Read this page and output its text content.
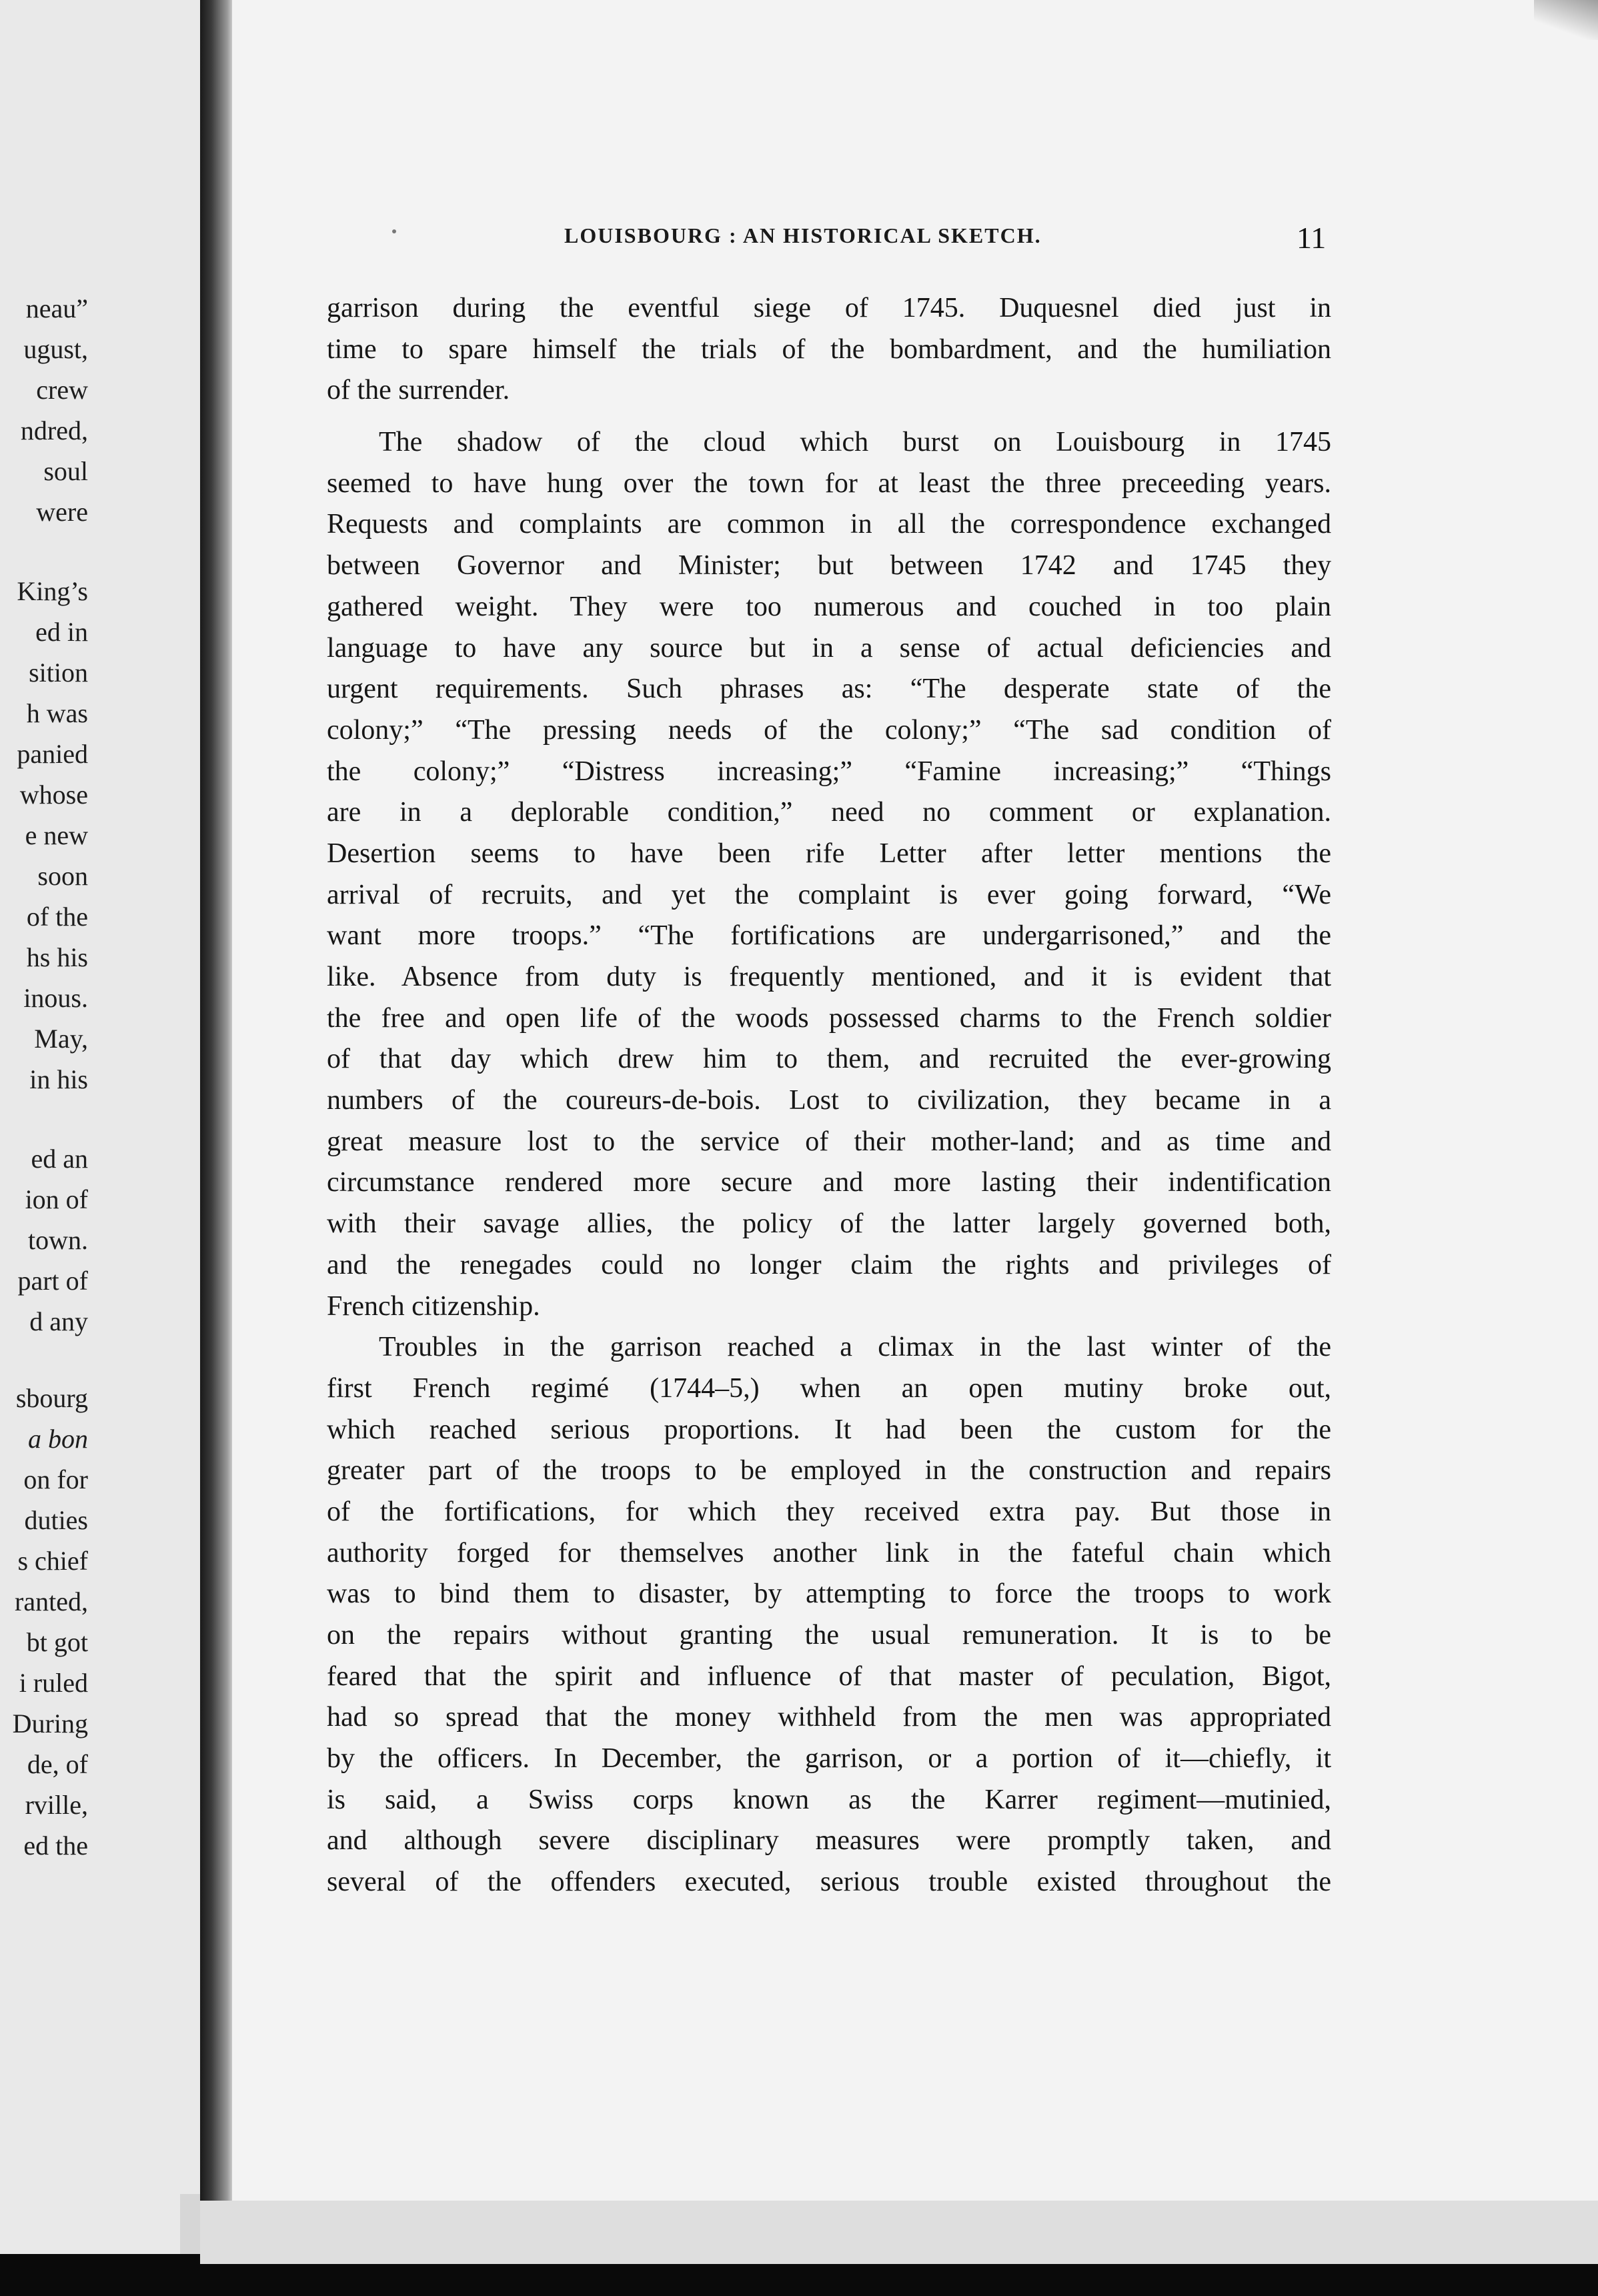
neau”
ugust,
crew
ndred,
soul
were
King’s
ed in
sition
h was
panied
whose
e new
soon
of the
hs his
inous.
May,
in his
ed an
ion of
town.
part of
d any
sbourg
a bon
on for
duties
s chief
ranted,
bt got
i ruled
During
de, of
rville,
ed the
LOUISBOURG : AN HISTORICAL SKETCH.	11
garrison during the eventful siege of 1745. Duquesnel died just in
time to spare himself the trials of the bombardment, and the humiliation
of the surrender.
The shadow of the cloud which burst on Louisbourg in 1745
seemed to have hung over the town for at least the three preceeding years.
Requests and complaints are common in all the correspondence exchanged
between Governor and Minister; but between 1742 and 1745 they
gathered weight. They were too numerous and couched in too plain
language to have any source but in a sense of actual deficiencies and
urgent requirements. Such phrases as: “The desperate state of the
colony;” “The pressing needs of the colony;” “The sad condition of
the colony;” “Distress increasing;” “Famine increasing;” “Things
are in a deplorable condition,” need no comment or explanation.
Desertion seems to have been rife Letter after letter mentions the
arrival of recruits, and yet the complaint is ever going forward, “We
want more troops.” “The fortifications are undergarrisoned,” and the
like. Absence from duty is frequently mentioned, and it is evident that
the free and open life of the woods possessed charms to the French soldier
of that day which drew him to them, and recruited the ever-growing
numbers of the coureurs-de-bois. Lost to civilization, they became in a
great measure lost to the service of their mother-land; and as time and
circumstance rendered more secure and more lasting their indentification
with their savage allies, the policy of the latter largely governed both,
and the renegades could no longer claim the rights and privileges of
French citizenship.
Troubles in the garrison reached a climax in the last winter of the
first French regimé (1744–5,) when an open mutiny broke out,
which reached serious proportions. It had been the custom for the
greater part of the troops to be employed in the construction and repairs
of the fortifications, for which they received extra pay. But those in
authority forged for themselves another link in the fateful chain which
was to bind them to disaster, by attempting to force the troops to work
on the repairs without granting the usual remuneration. It is to be
feared that the spirit and influence of that master of peculation, Bigot,
had so spread that the money withheld from the men was appropriated
by the officers. In December, the garrison, or a portion of it—chiefly, it
is said, a Swiss corps known as the Karrer regiment—mutinied,
and although severe disciplinary measures were promptly taken, and
several of the offenders executed, serious trouble existed throughout the
